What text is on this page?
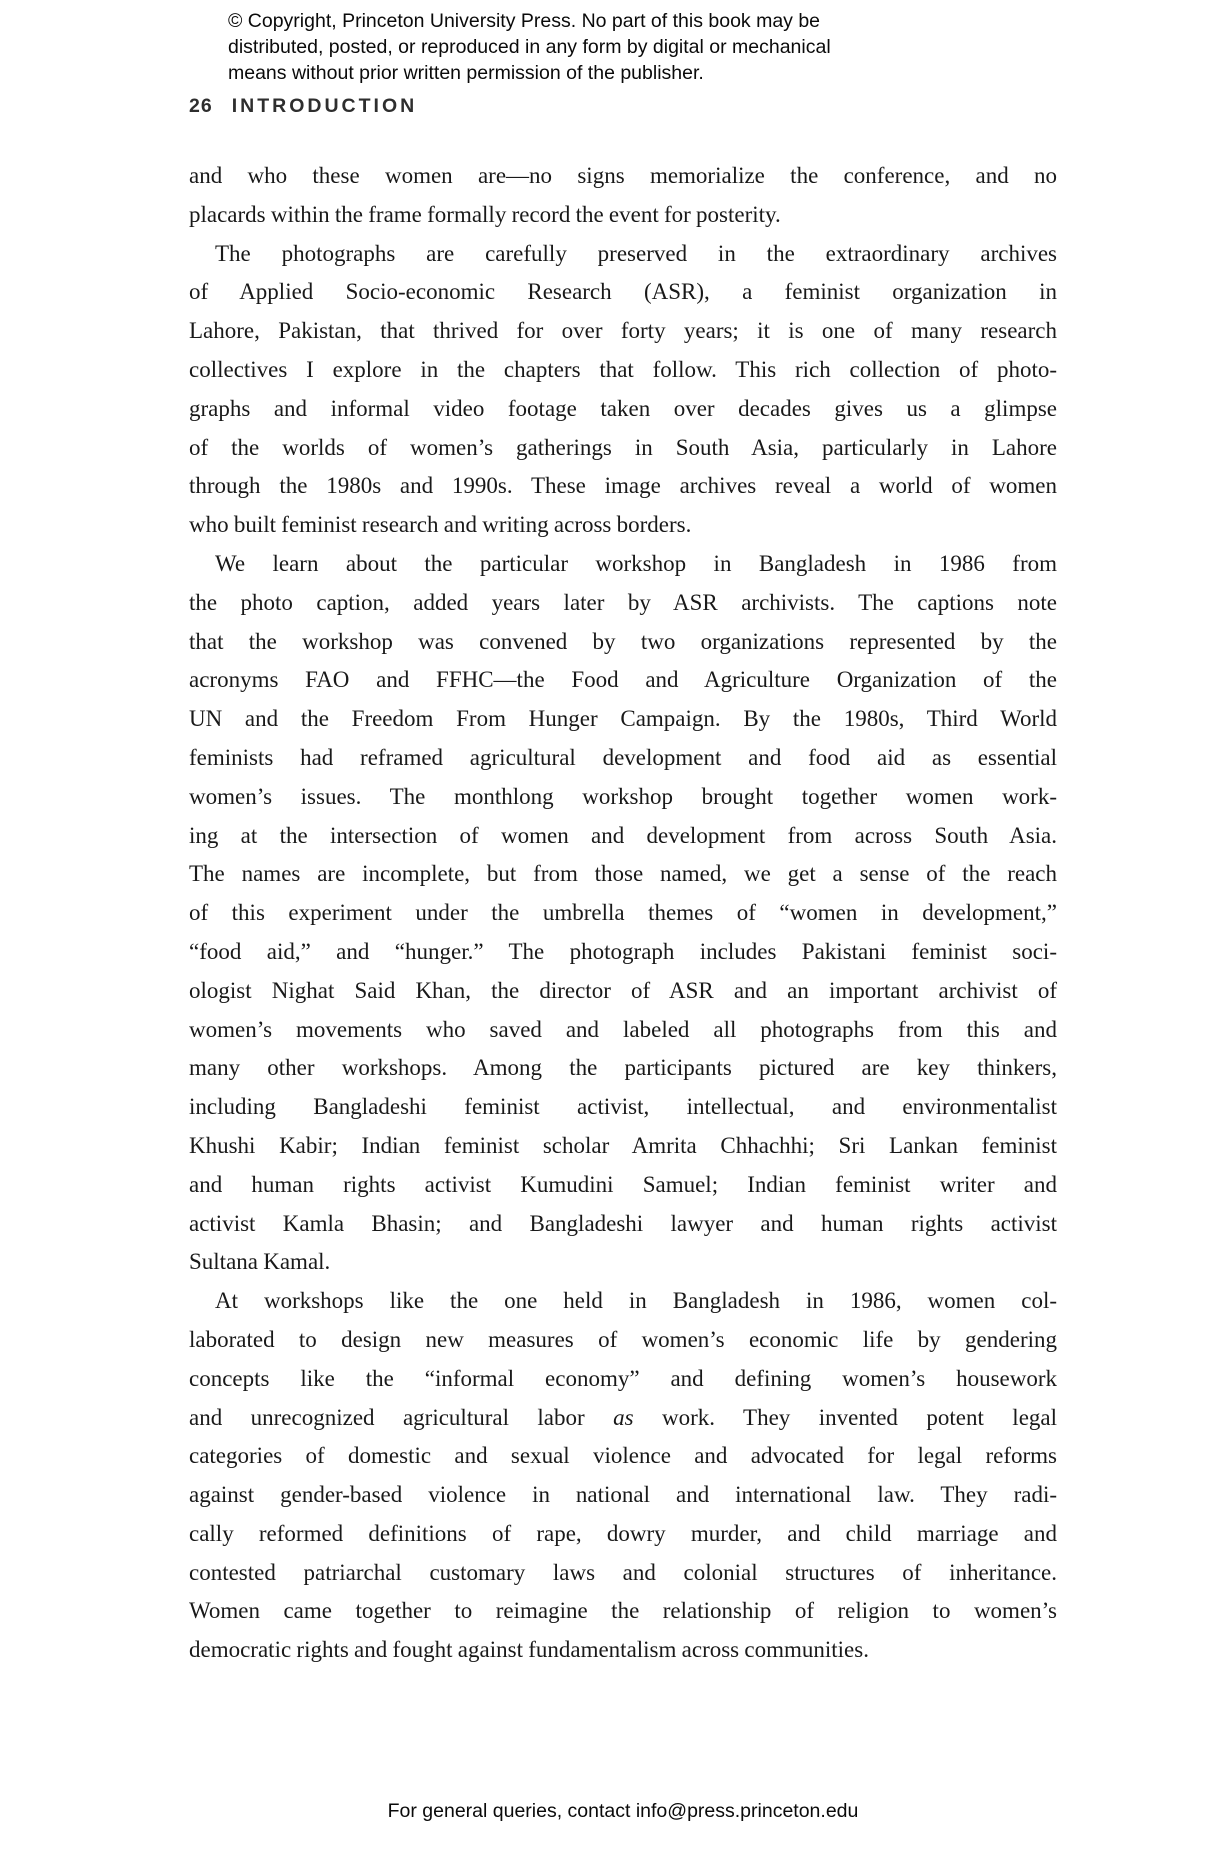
© Copyright, Princeton University Press. No part of this book may be
distributed, posted, or reproduced in any form by digital or mechanical
means without prior written permission of the publisher.
26 INTRODUCTION
and who these women are—no signs memorialize the conference, and no
placards within the frame formally record the event for posterity.
The photographs are carefully preserved in the extraordinary archives
of Applied Socio-economic Research (ASR), a feminist organization in
Lahore, Pakistan, that thrived for over forty years; it is one of many research
collectives I explore in the chapters that follow. This rich collection of photo-
graphs and informal video footage taken over decades gives us a glimpse
of the worlds of women’s gatherings in South Asia, particularly in Lahore
through the 1980s and 1990s. These image archives reveal a world of women
who built feminist research and writing across borders.
We learn about the particular workshop in Bangladesh in 1986 from
the photo caption, added years later by ASR archivists. The captions note
that the workshop was convened by two organizations represented by the
acronyms FAO and FFHC—the Food and Agriculture Organization of the
UN and the Freedom From Hunger Campaign. By the 1980s, Third World
feminists had reframed agricultural development and food aid as essential
women’s issues. The monthlong workshop brought together women work-
ing at the intersection of women and development from across South Asia.
The names are incomplete, but from those named, we get a sense of the reach
of this experiment under the umbrella themes of “women in development,”
“food aid,” and “hunger.” The photograph includes Pakistani feminist soci-
ologist Nighat Said Khan, the director of ASR and an important archivist of
women’s movements who saved and labeled all photographs from this and
many other workshops. Among the participants pictured are key thinkers,
including Bangladeshi feminist activist, intellectual, and environmentalist
Khushi Kabir; Indian feminist scholar Amrita Chhachhi; Sri Lankan feminist
and human rights activist Kumudini Samuel; Indian feminist writer and
activist Kamla Bhasin; and Bangladeshi lawyer and human rights activist
Sultana Kamal.
At workshops like the one held in Bangladesh in 1986, women col-
laborated to design new measures of women’s economic life by gendering
concepts like the “informal economy” and defining women’s housework
and unrecognized agricultural labor as work. They invented potent legal
categories of domestic and sexual violence and advocated for legal reforms
against gender-based violence in national and international law. They radi-
cally reformed definitions of rape, dowry murder, and child marriage and
contested patriarchal customary laws and colonial structures of inheritance.
Women came together to reimagine the relationship of religion to women’s
democratic rights and fought against fundamentalism across communities.
For general queries, contact info@press.princeton.edu
